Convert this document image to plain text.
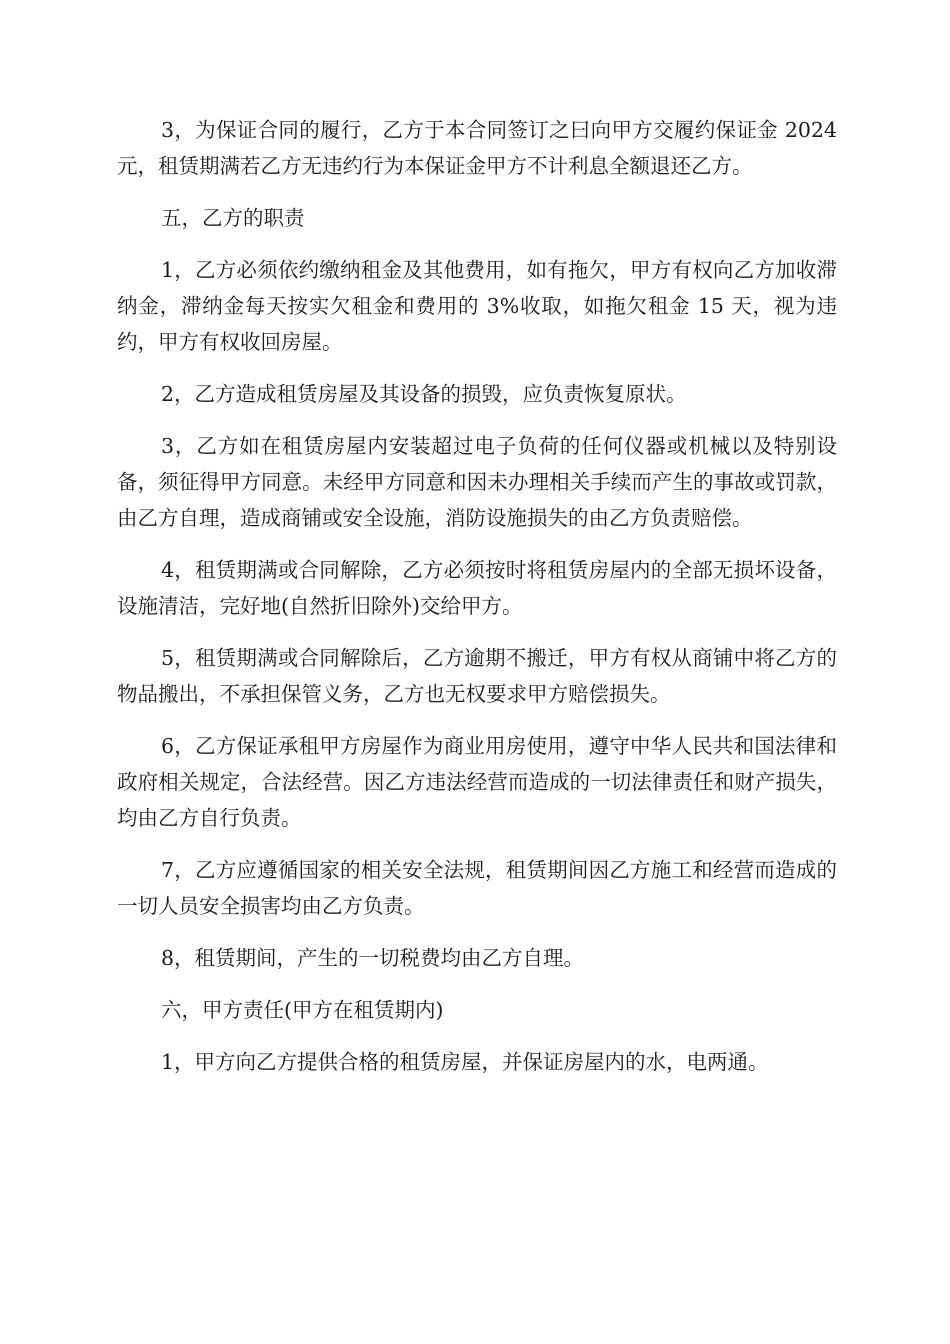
3，为保证合同的履行，乙方于本合同签订之曰向甲方交履约保证金 2024 元，租赁期满若乙方无违约行为本保证金甲方不计利息全额退还乙方。

五，乙方的职责

1，乙方必须依约缴纳租金及其他费用，如有拖欠，甲方有权向乙方加收滞纳金，滞纳金每天按实欠租金和费用的 3%收取，如拖欠租金 15 天，视为违约，甲方有权收回房屋。

2，乙方造成租赁房屋及其设备的损毁，应负责恢复原状。

3，乙方如在租赁房屋内安装超过电子负荷的任何仪器或机械以及特别设备，须征得甲方同意。未经甲方同意和因未办理相关手续而产生的事故或罚款，由乙方自理，造成商铺或安全设施，消防设施损失的由乙方负责赔偿。

4，租赁期满或合同解除，乙方必须按时将租赁房屋内的全部无损坏设备，设施清洁，完好地(自然折旧除外)交给甲方。

5，租赁期满或合同解除后，乙方逾期不搬迁，甲方有权从商铺中将乙方的物品搬出，不承担保管义务，乙方也无权要求甲方赔偿损失。

6，乙方保证承租甲方房屋作为商业用房使用，遵守中华人民共和国法律和政府相关规定，合法经营。因乙方违法经营而造成的一切法律责任和财产损失，均由乙方自行负责。

7，乙方应遵循国家的相关安全法规，租赁期间因乙方施工和经营而造成的一切人员安全损害均由乙方负责。

8，租赁期间，产生的一切税费均由乙方自理。

六，甲方责任(甲方在租赁期内)

1，甲方向乙方提供合格的租赁房屋，并保证房屋内的水，电两通。
